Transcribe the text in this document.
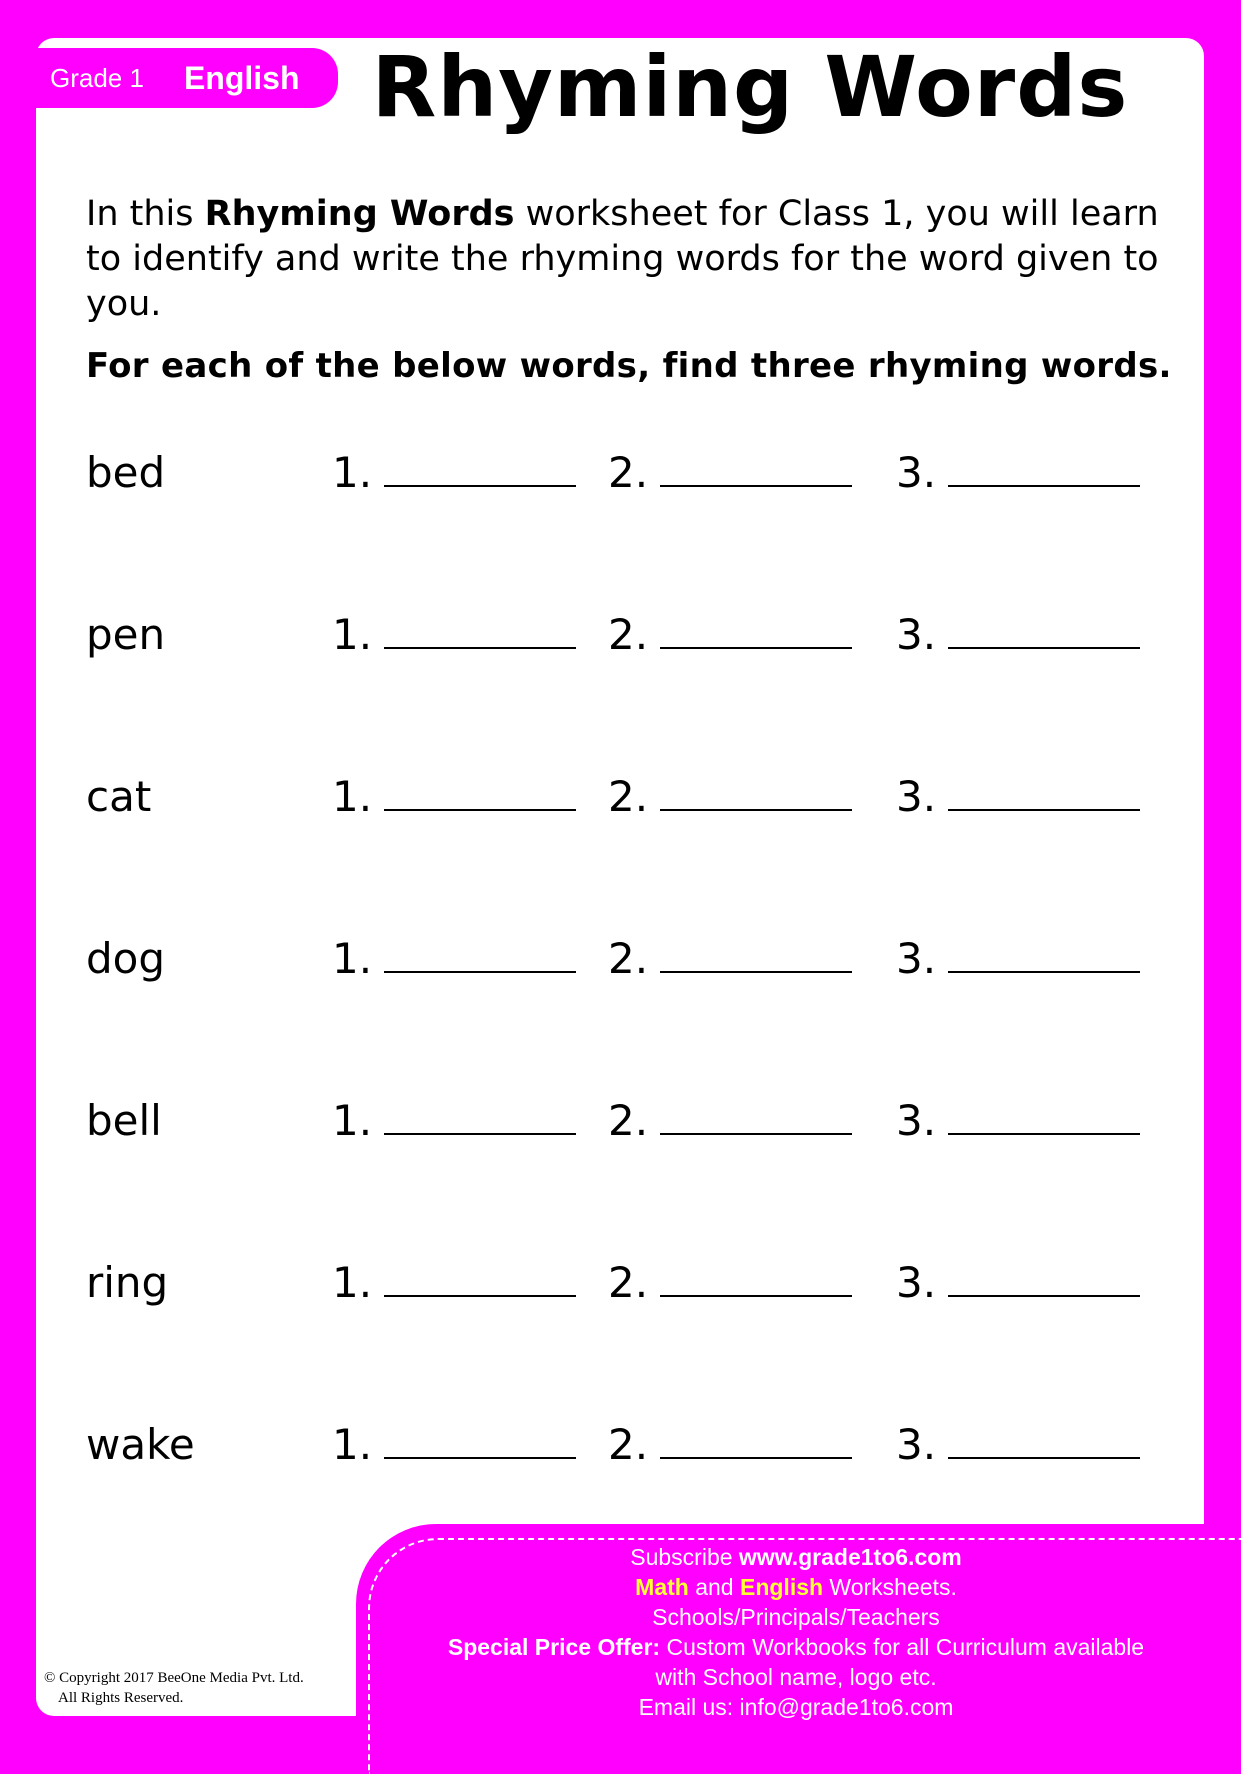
Grade 1 English Rhyming Words
In this Rhyming Words worksheet for Class 1, you will learn to identify and write the rhyming words for the word given to you.
For each of the below words, find three rhyming words.
bed	1.	2.	3.
pen	1.	2.	3.
cat	1.	2.	3.
dog	1.	2.	3.
bell	1.	2.	3.
ring	1.	2.	3.
wake	1.	2.	3.
© Copyright 2017 BeeOne Media Pvt. Ltd.
All Rights Reserved.
Subscribe www.grade1to6.com
Math and English Worksheets.
Schools/Principals/Teachers
Special Price Offer: Custom Workbooks for all Curriculum available
with School name, logo etc.
Email us: info@grade1to6.com
